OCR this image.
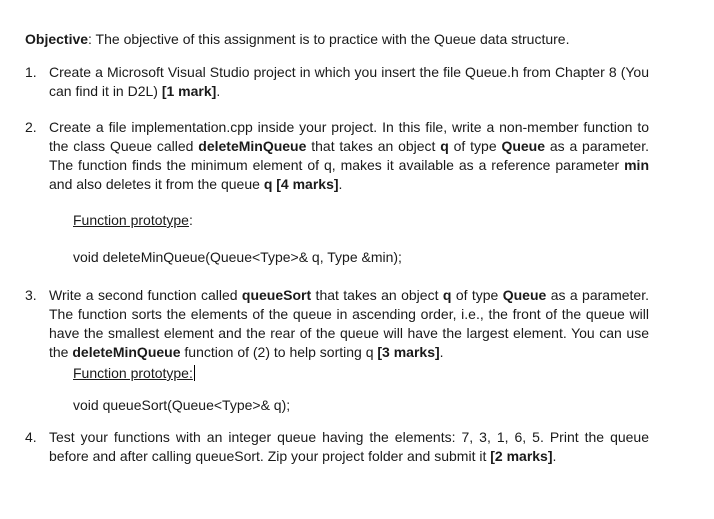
Objective: The objective of this assignment is to practice with the Queue data structure.
1. Create a Microsoft Visual Studio project in which you insert the file Queue.h from Chapter 8 (You can find it in D2L) [1 mark].
2. Create a file implementation.cpp inside your project. In this file, write a non-member function to the class Queue called deleteMinQueue that takes an object q of type Queue as a parameter. The function finds the minimum element of q, makes it available as a reference parameter min and also deletes it from the queue q [4 marks].
Function prototype:
void deleteMinQueue(Queue<Type>& q, Type &min);
3. Write a second function called queueSort that takes an object q of type Queue as a parameter. The function sorts the elements of the queue in ascending order, i.e., the front of the queue will have the smallest element and the rear of the queue will have the largest element. You can use the deleteMinQueue function of (2) to help sorting q [3 marks].
Function prototype:
void queueSort(Queue<Type>& q);
4. Test your functions with an integer queue having the elements: 7, 3, 1, 6, 5. Print the queue before and after calling queueSort. Zip your project folder and submit it [2 marks].
